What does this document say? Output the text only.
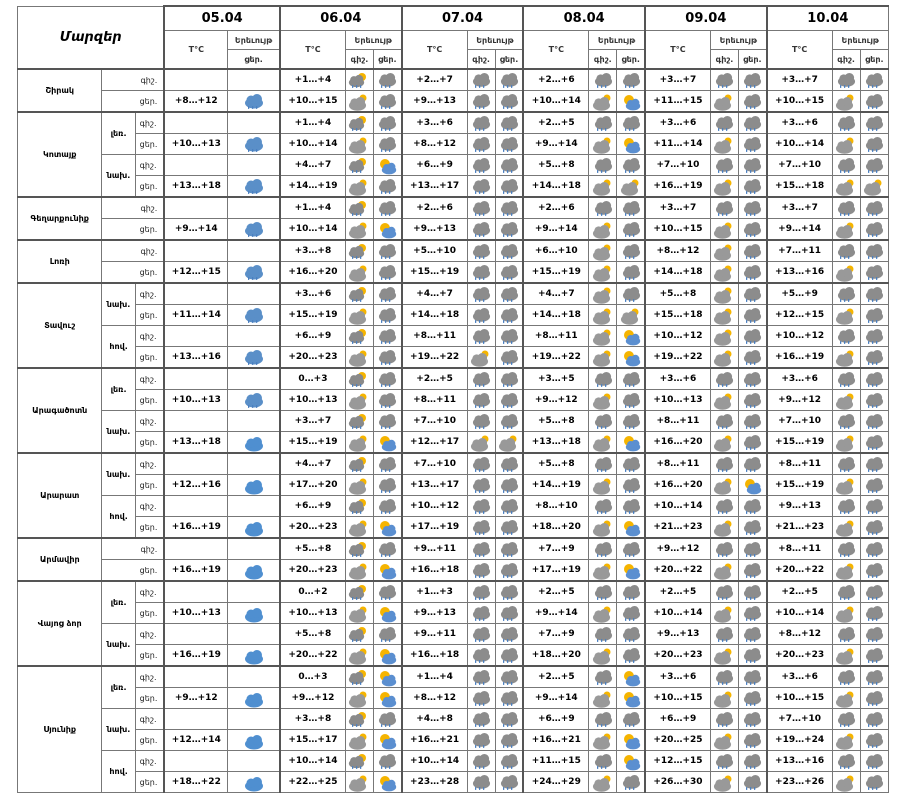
Մարզեր			05.04		06.04			07.04			08.04			09.04			10.04		
			T°C	Երեւույթ	T°C	Երեւույթ		T°C	Երեւույթ		T°C	Երեւույթ		T°C	Երեւույթ		T°C	Երեւույթ	
				ցեր.		գիշ.	ցեր.		գիշ.	ցեր.		գիշ.	ցեր.		գիշ.	ցեր.		գիշ.	ցեր.
Շիրակ	գիշ.				+1…+4			+2…+7			+2…+6			+3…+7			+3…+7		
	ցեր.		+8…+12		+10…+15			+9…+13			+10…+14			+11…+15			+10…+15		
Կոտայք	լեռ.	գիշ.			+1…+4			+3…+6			+2…+5			+3…+6			+3…+6		
		ցեր.	+10…+13		+10…+14			+8…+12			+9…+14			+11…+14			+10…+14		
	նախ.	գիշ.			+4…+7			+6…+9			+5…+8			+7…+10			+7…+10		
		ցեր.	+13…+18		+14…+19			+13…+17			+14…+18			+16…+19			+15…+18		
Գեղարքունիք	գիշ.				+1…+4			+2…+6			+2…+6			+3…+7			+3…+7		
	ցեր.		+9…+14		+10…+14			+9…+13			+9…+14			+10…+15			+9…+14		
Լոռի	գիշ.				+3…+8			+5…+10			+6…+10			+8…+12			+7…+11		
	ցեր.		+12…+15		+16…+20			+15…+19			+15…+19			+14…+18			+13…+16		
Տավուշ	նախ.	գիշ.			+3…+6			+4…+7			+4…+7			+5…+8			+5…+9		
		ցեր.	+11…+14		+15…+19			+14…+18			+14…+18			+15…+18			+12…+15		
	հով.	գիշ.			+6…+9			+8…+11			+8…+11			+10…+12			+10…+12		
		ցեր.	+13…+16		+20…+23			+19…+22			+19…+22			+19…+22			+16…+19		
Արագածոտն	լեռ.	գիշ.			0…+3			+2…+5			+3…+5			+3…+6			+3…+6		
		ցեր.	+10…+13		+10…+13			+8…+11			+9…+12			+10…+13			+9…+12		
	նախ.	գիշ.			+3…+7			+7…+10			+5…+8			+8…+11			+7…+10		
		ցեր.	+13…+18		+15…+19			+12…+17			+13…+18			+16…+20			+15…+19		
Արարատ	նախ.	գիշ.			+4…+7			+7…+10			+5…+8			+8…+11			+8…+11		
		ցեր.	+12…+16		+17…+20			+13…+17			+14…+19			+16…+20			+15…+19		
	հով.	գիշ.			+6…+9			+10…+12			+8…+10			+10…+14			+9…+13		
		ցեր.	+16…+19		+20…+23			+17…+19			+18…+20			+21…+23			+21…+23		
Արմավիր	գիշ.				+5…+8			+9…+11			+7…+9			+9…+12			+8…+11		
	ցեր.		+16…+19		+20…+23			+16…+18			+17…+19			+20…+22			+20…+22		
Վայոց ձոր	լեռ.	գիշ.			0…+2			+1…+3			+2…+5			+2…+5			+2…+5		
		ցեր.	+10…+13		+10…+13			+9…+13			+9…+14			+10…+14			+10…+14		
	նախ.	գիշ.			+5…+8			+9…+11			+7…+9			+9…+13			+8…+12		
		ցեր.	+16…+19		+20…+22			+16…+18			+18…+20			+20…+23			+20…+23		
Սյունիք	լեռ.	գիշ.			0…+3			+1…+4			+2…+5			+3…+6			+3…+6		
		ցեր.	+9…+12		+9…+12			+8…+12			+9…+14			+10…+15			+10…+15		
	նախ.	գիշ.			+3…+8			+4…+8			+6…+9			+6…+9			+7…+10		
		ցեր.	+12…+14		+15…+17			+16…+21			+16…+21			+20…+25			+19…+24		
	հով.	գիշ.			+10…+14			+10…+14			+11…+15			+12…+15			+13…+16		
		ցեր.	+18…+22		+22…+25			+23…+28			+24…+29			+26…+30			+23…+26		
